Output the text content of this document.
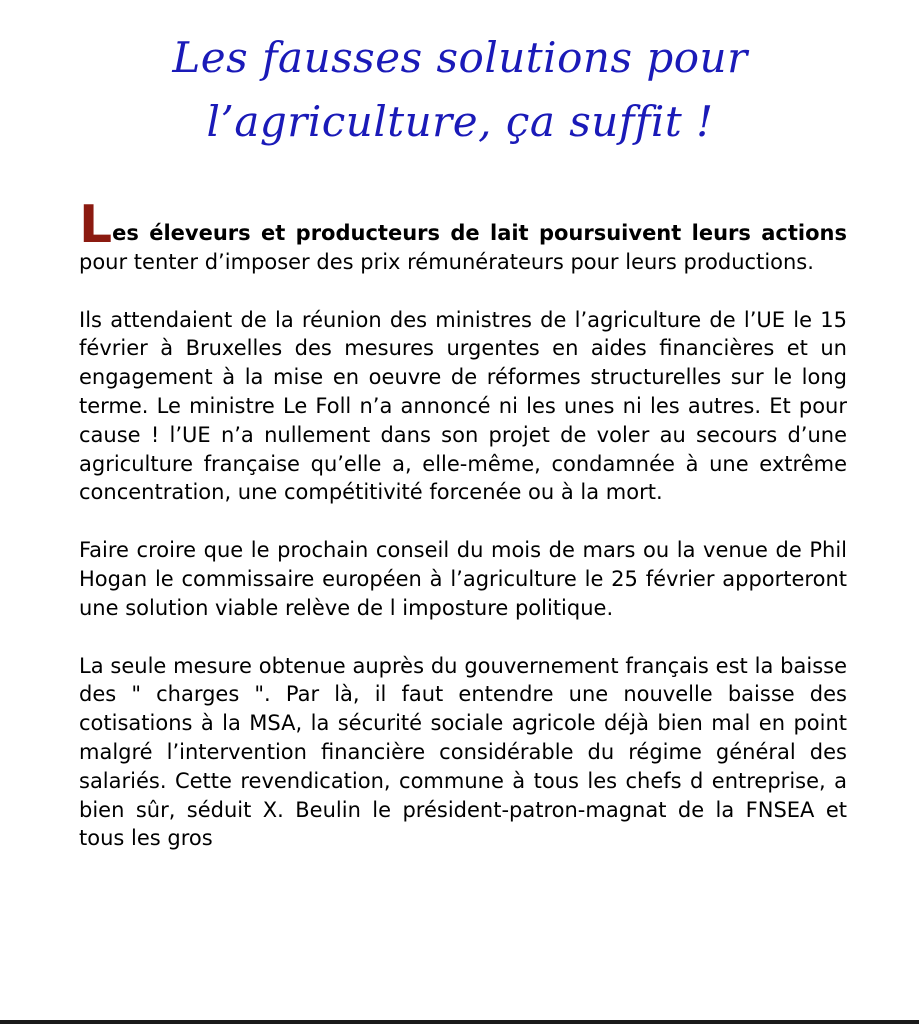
Les fausses solutions pour
l’agriculture, ça suffit !

Les éleveurs et producteurs de lait poursuivent leurs actions pour tenter d’imposer des prix rémunérateurs pour leurs productions.

Ils attendaient de la réunion des ministres de l’agriculture de l’UE le 15 février à Bruxelles des mesures urgentes en aides financières et un engagement à la mise en oeuvre de réformes structurelles sur le long terme. Le ministre Le Foll n’a annoncé ni les unes ni les autres. Et pour cause ! l’UE n’a nullement dans son projet de voler au secours d’une agriculture française qu’elle a, elle-même, condamnée à une extrême concentration, une compétitivité forcenée ou à la mort.

Faire croire que le prochain conseil du mois de mars ou la venue de Phil Hogan le commissaire européen à l’agriculture le 25 février apporteront une solution viable relève de l imposture politique.

La seule mesure obtenue auprès du gouvernement français est la baisse des " charges ". Par là, il faut entendre une nouvelle baisse des cotisations à la MSA, la sécurité sociale agricole déjà bien mal en point malgré l’intervention financière considérable du régime général des salariés. Cette revendication, commune à tous les chefs d entreprise, a bien sûr, séduit X. Beulin le président-patron-magnat de la FNSEA et tous les gros
